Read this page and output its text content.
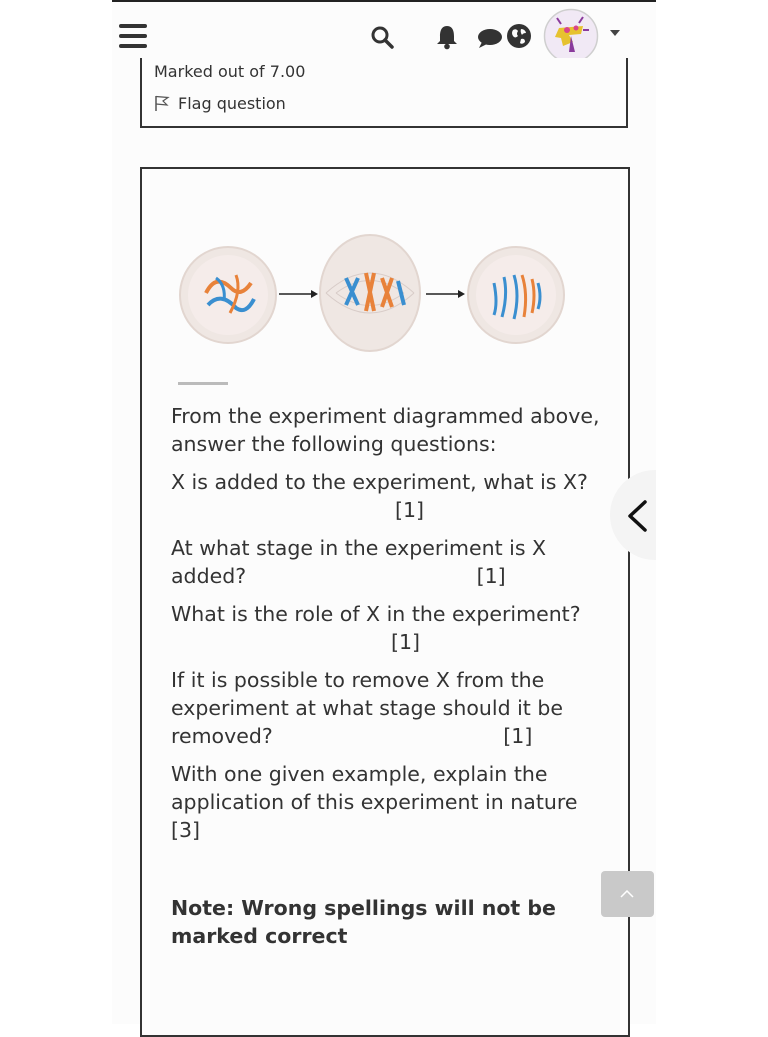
Marked out of 7.00
Flag question

From the experiment diagrammed above, answer the following questions:

X is added to the experiment, what is X? [1]

At what stage in the experiment is X added?	[1]

What is the role of X in the experiment? [1]

If it is possible to remove X from the experiment at what stage should it be removed?	[1]

With one given example, explain the application of this experiment in nature [3]

Note: Wrong spellings will not be marked correct
